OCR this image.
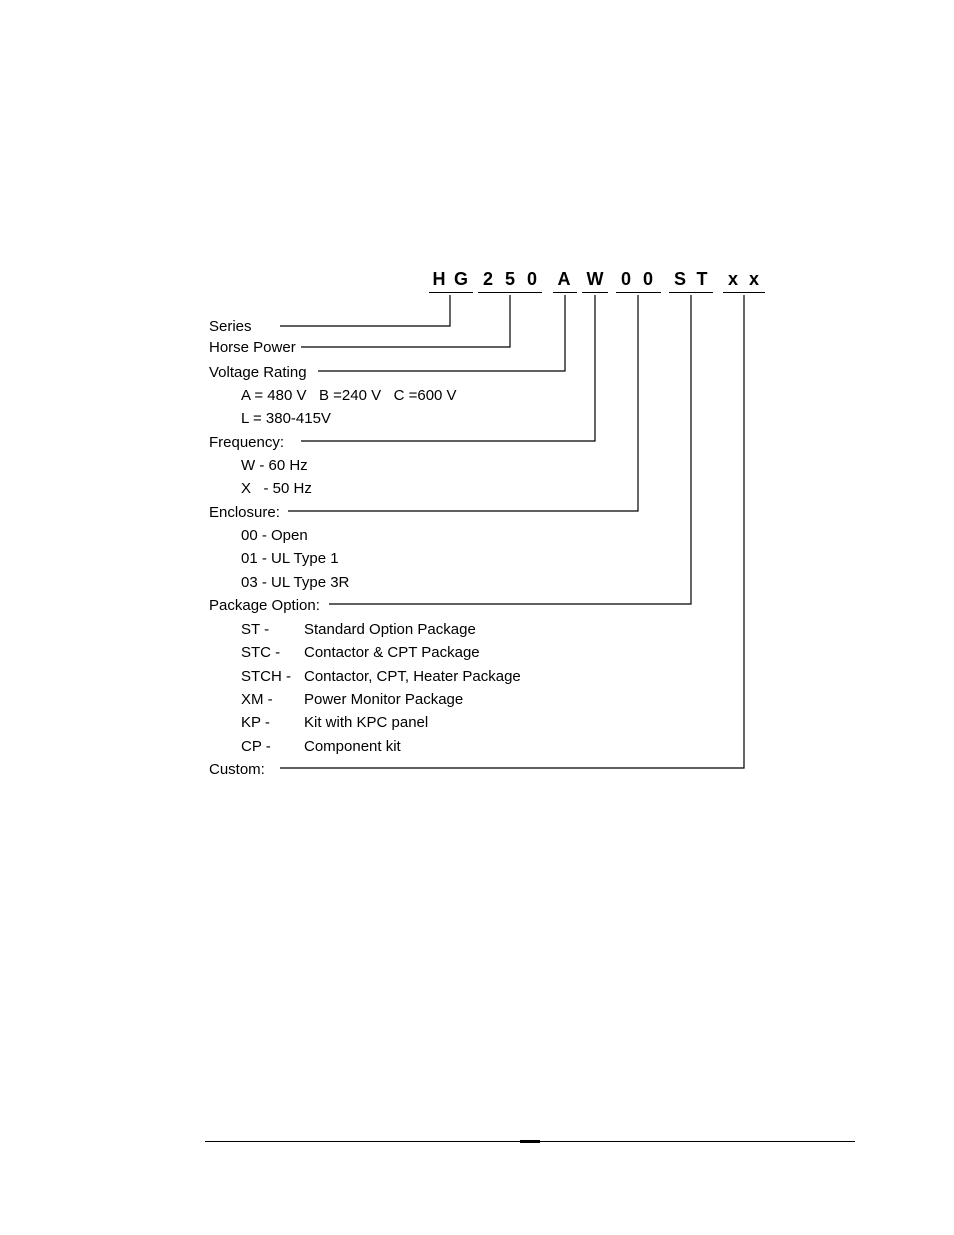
H G 2 5 0 A W 0 0 S T x x
Series
Horse Power
Voltage Rating
A = 480 V   B =240 V   C =600 V
L = 380-415V
Frequency:
W - 60 Hz
X   - 50 Hz
Enclosure:
00 - Open
01 - UL Type 1
03 - UL Type 3R
Package Option:
ST - Standard Option Package
STC - Contactor & CPT Package
STCH - Contactor, CPT, Heater Package
XM - Power Monitor Package
KP - Kit with KPC panel
CP - Component kit
Custom:
